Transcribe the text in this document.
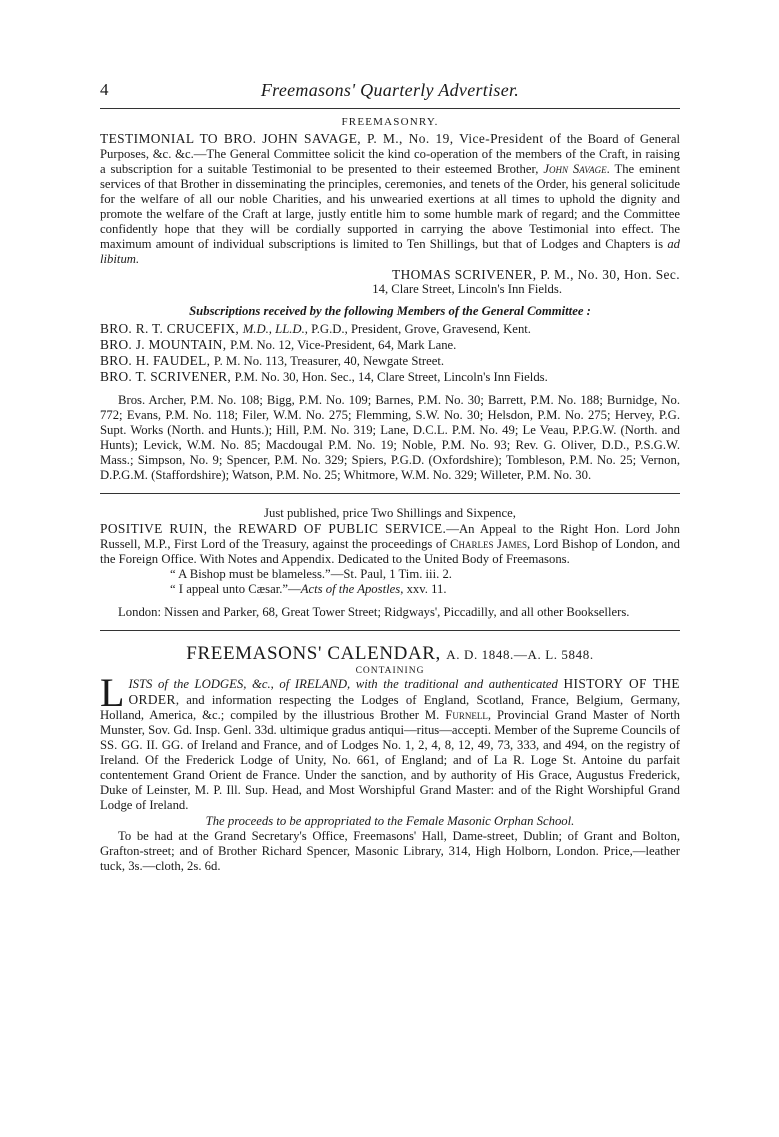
4	Freemasons' Quarterly Advertiser.
FREEMASONRY.

TESTIMONIAL TO BRO. JOHN SAVAGE, P. M., No. 19, Vice-President of the Board of General Purposes, &c. &c.—The General Committee solicit the kind co-operation of the members of the Craft, in raising a subscription for a suitable Testimonial to be presented to their esteemed Brother, John Savage. The eminent services of that Brother in disseminating the principles, ceremonies, and tenets of the Order, his general solicitude for the welfare of all our noble Charities, and his unwearied exertions at all times to uphold the dignity and promote the welfare of the Craft at large, justly entitle him to some humble mark of regard; and the Committee confidently hope that they will be cordially supported in carrying the above Testimonial into effect. The maximum amount of individual subscriptions is limited to Ten Shillings, but that of Lodges and Chapters is ad libitum.

THOMAS SCRIVENER, P. M., No. 30, Hon. Sec.
14, Clare Street, Lincoln's Inn Fields.
Subscriptions received by the following Members of the General Committee :
BRO. R. T. CRUCEFIX, M.D., LL.D., P.G.D., President, Grove, Gravesend, Kent.
BRO. J. MOUNTAIN, P.M. No. 12, Vice-President, 64, Mark Lane.
BRO. H. FAUDEL, P. M. No. 113, Treasurer, 40, Newgate Street.
BRO. T. SCRIVENER, P.M. No. 30, Hon. Sec., 14, Clare Street, Lincoln's Inn Fields.

Bros. Archer, P.M. No. 108; Bigg, P.M. No. 109; Barnes, P.M. No. 30; Barrett, P.M. No. 188; Burnidge, No. 772; Evans, P.M. No. 118; Filer, W.M. No. 275; Flemming, S.W. No. 30; Helsdon, P.M. No. 275; Hervey, P.G. Supt. Works (North. and Hunts.); Hill, P.M. No. 319; Lane, D.C.L. P.M. No. 49; Le Veau, P.P.G.W. (North. and Hunts); Levick, W.M. No. 85; Macdougal P.M. No. 19; Noble, P.M. No. 93; Rev. G. Oliver, D.D., P.S.G.W. Mass.; Simpson, No. 9; Spencer, P.M. No. 329; Spiers, P.G.D. (Oxfordshire); Tombleson, P.M. No. 25; Vernon, D.P.G.M. (Staffordshire); Watson, P.M. No. 25; Whitmore, W.M. No. 329; Willeter, P.M. No. 30.

Just published, price Two Shillings and Sixpence,

POSITIVE RUIN, the REWARD OF PUBLIC SERVICE.—An Appeal to the Right Hon. Lord John Russell, M.P., First Lord of the Treasury, against the proceedings of Charles James, Lord Bishop of London, and the Foreign Office. With Notes and Appendix. Dedicated to the United Body of Freemasons.

“ A Bishop must be blameless.”—St. Paul, 1 Tim. iii. 2.
“ I appeal unto Cæsar.”—Acts of the Apostles, xxv. 11.

London: Nissen and Parker, 68, Great Tower Street; Ridgways', Piccadilly, and all other Booksellers.

FREEMASONS' CALENDAR, A. D. 1848.—A. L. 5848.
CONTAINING

LISTS of the LODGES, &c., of IRELAND, with the traditional and authenticated HISTORY OF THE ORDER, and information respecting the Lodges of England, Scotland, France, Belgium, Germany, Holland, America, &c.; compiled by the illustrious Brother M. Furnell, Provincial Grand Master of North Munster, Sov. Gd. Insp. Genl. 33d. ultimique gradus antiqui—ritus—accepti. Member of the Supreme Councils of SS. GG. II. GG. of Ireland and France, and of Lodges No. 1, 2, 4, 8, 12, 49, 73, 333, and 494, on the registry of Ireland. Of the Frederick Lodge of Unity, No. 661, of England; and of La R. Loge St. Antoine du parfait contentement Grand Orient de France. Under the sanction, and by authority of His Grace, Augustus Frederick, Duke of Leinster, M. P. Ill. Sup. Head, and Most Worshipful Grand Master: and of the Right Worshipful Grand Lodge of Ireland.

The proceeds to be appropriated to the Female Masonic Orphan School.

To be had at the Grand Secretary's Office, Freemasons' Hall, Dame-street, Dublin; of Grant and Bolton, Grafton-street; and of Brother Richard Spencer, Masonic Library, 314, High Holborn, London. Price,—leather tuck, 3s.—cloth, 2s. 6d.
